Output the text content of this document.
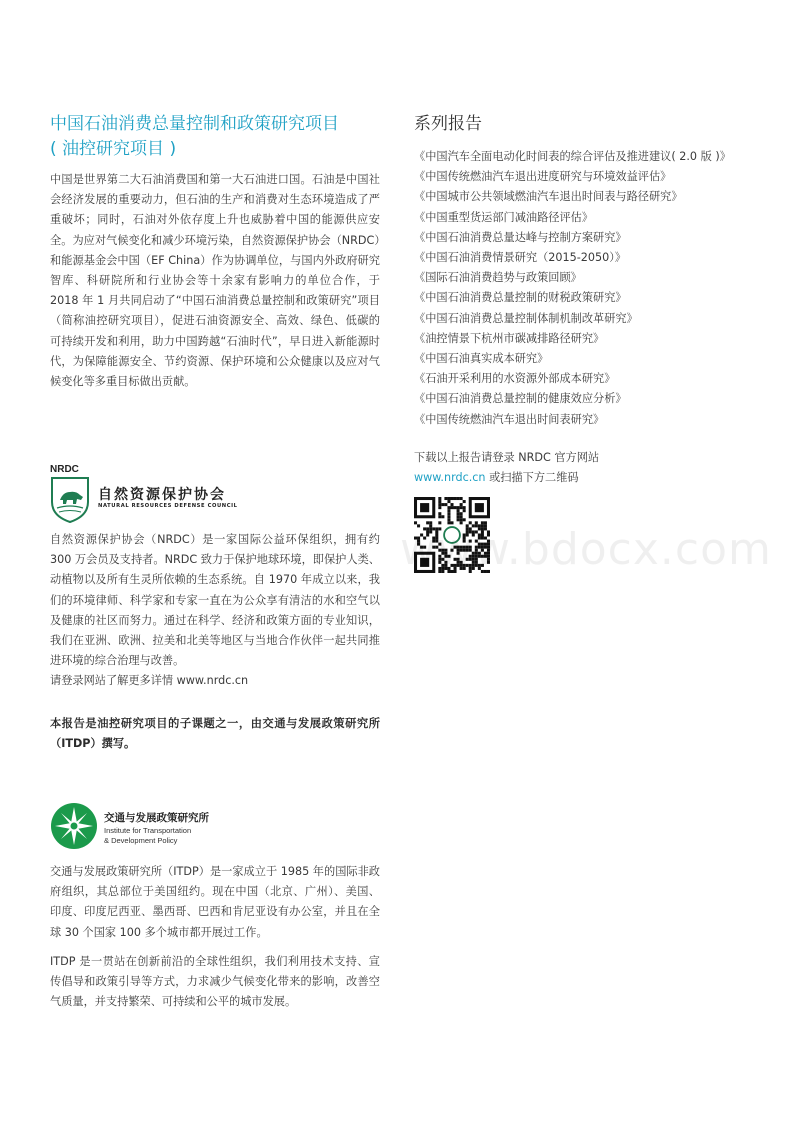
中国石油消费总量控制和政策研究项目
( 油控研究项目 )

中国是世界第二大石油消费国和第一大石油进口国。石油是中国社会经济发展的重要动力，但石油的生产和消费对生态环境造成了严重破坏；同时，石油对外依存度上升也威胁着中国的能源供应安全。为应对气候变化和减少环境污染，自然资源保护协会（NRDC）和能源基金会中国（EF China）作为协调单位，与国内外政府研究智库、科研院所和行业协会等十余家有影响力的单位合作，于 2018 年 1 月共同启动了“中国石油消费总量控制和政策研究”项目（简称油控研究项目），促进石油资源安全、高效、绿色、低碳的可持续开发和利用，助力中国跨越“石油时代”，早日进入新能源时代，为保障能源安全、节约资源、保护环境和公众健康以及应对气候变化等多重目标做出贡献。

NRDC
自然资源保护协会
NATURAL RESOURCES DEFENSE COUNCIL

自然资源保护协会（NRDC）是一家国际公益环保组织，拥有约 300 万会员及支持者。NRDC 致力于保护地球环境，即保护人类、动植物以及所有生灵所依赖的生态系统。自 1970 年成立以来，我们的环境律师、科学家和专家一直在为公众享有清洁的水和空气以及健康的社区而努力。通过在科学、经济和政策方面的专业知识，我们在亚洲、欧洲、拉美和北美等地区与当地合作伙伴一起共同推进环境的综合治理与改善。

请登录网站了解更多详情 www.nrdc.cn

本报告是油控研究项目的子课题之一，由交通与发展政策研究所（ITDP）撰写。

交通与发展政策研究所
Institute for Transportation
& Development Policy

交通与发展政策研究所（ITDP）是一家成立于 1985 年的国际非政府组织，其总部位于美国纽约。现在中国（北京、广州）、美国、印度、印度尼西亚、墨西哥、巴西和肯尼亚设有办公室，并且在全球 30 个国家 100 多个城市都开展过工作。

ITDP 是一贯站在创新前沿的全球性组织，我们利用技术支持、宣传倡导和政策引导等方式，力求减少气候变化带来的影响，改善空气质量，并支持繁荣、可持续和公平的城市发展。

系列报告
《中国汽车全面电动化时间表的综合评估及推进建议( 2.0 版 )》
《中国传统燃油汽车退出进度研究与环境效益评估》
《中国城市公共领域燃油汽车退出时间表与路径研究》
《中国重型货运部门减油路径评估》
《中国石油消费总量达峰与控制方案研究》
《中国石油消费情景研究（2015-2050）》
《国际石油消费趋势与政策回顾》
《中国石油消费总量控制的财税政策研究》
《中国石油消费总量控制体制机制改革研究》
《油控情景下杭州市碳减排路径研究》
《中国石油真实成本研究》
《石油开采利用的水资源外部成本研究》
《中国石油消费总量控制的健康效应分析》
《中国传统燃油汽车退出时间表研究》

下载以上报告请登录 NRDC 官方网站

www.nrdc.cn 或扫描下方二维码

www.bdocx.com
